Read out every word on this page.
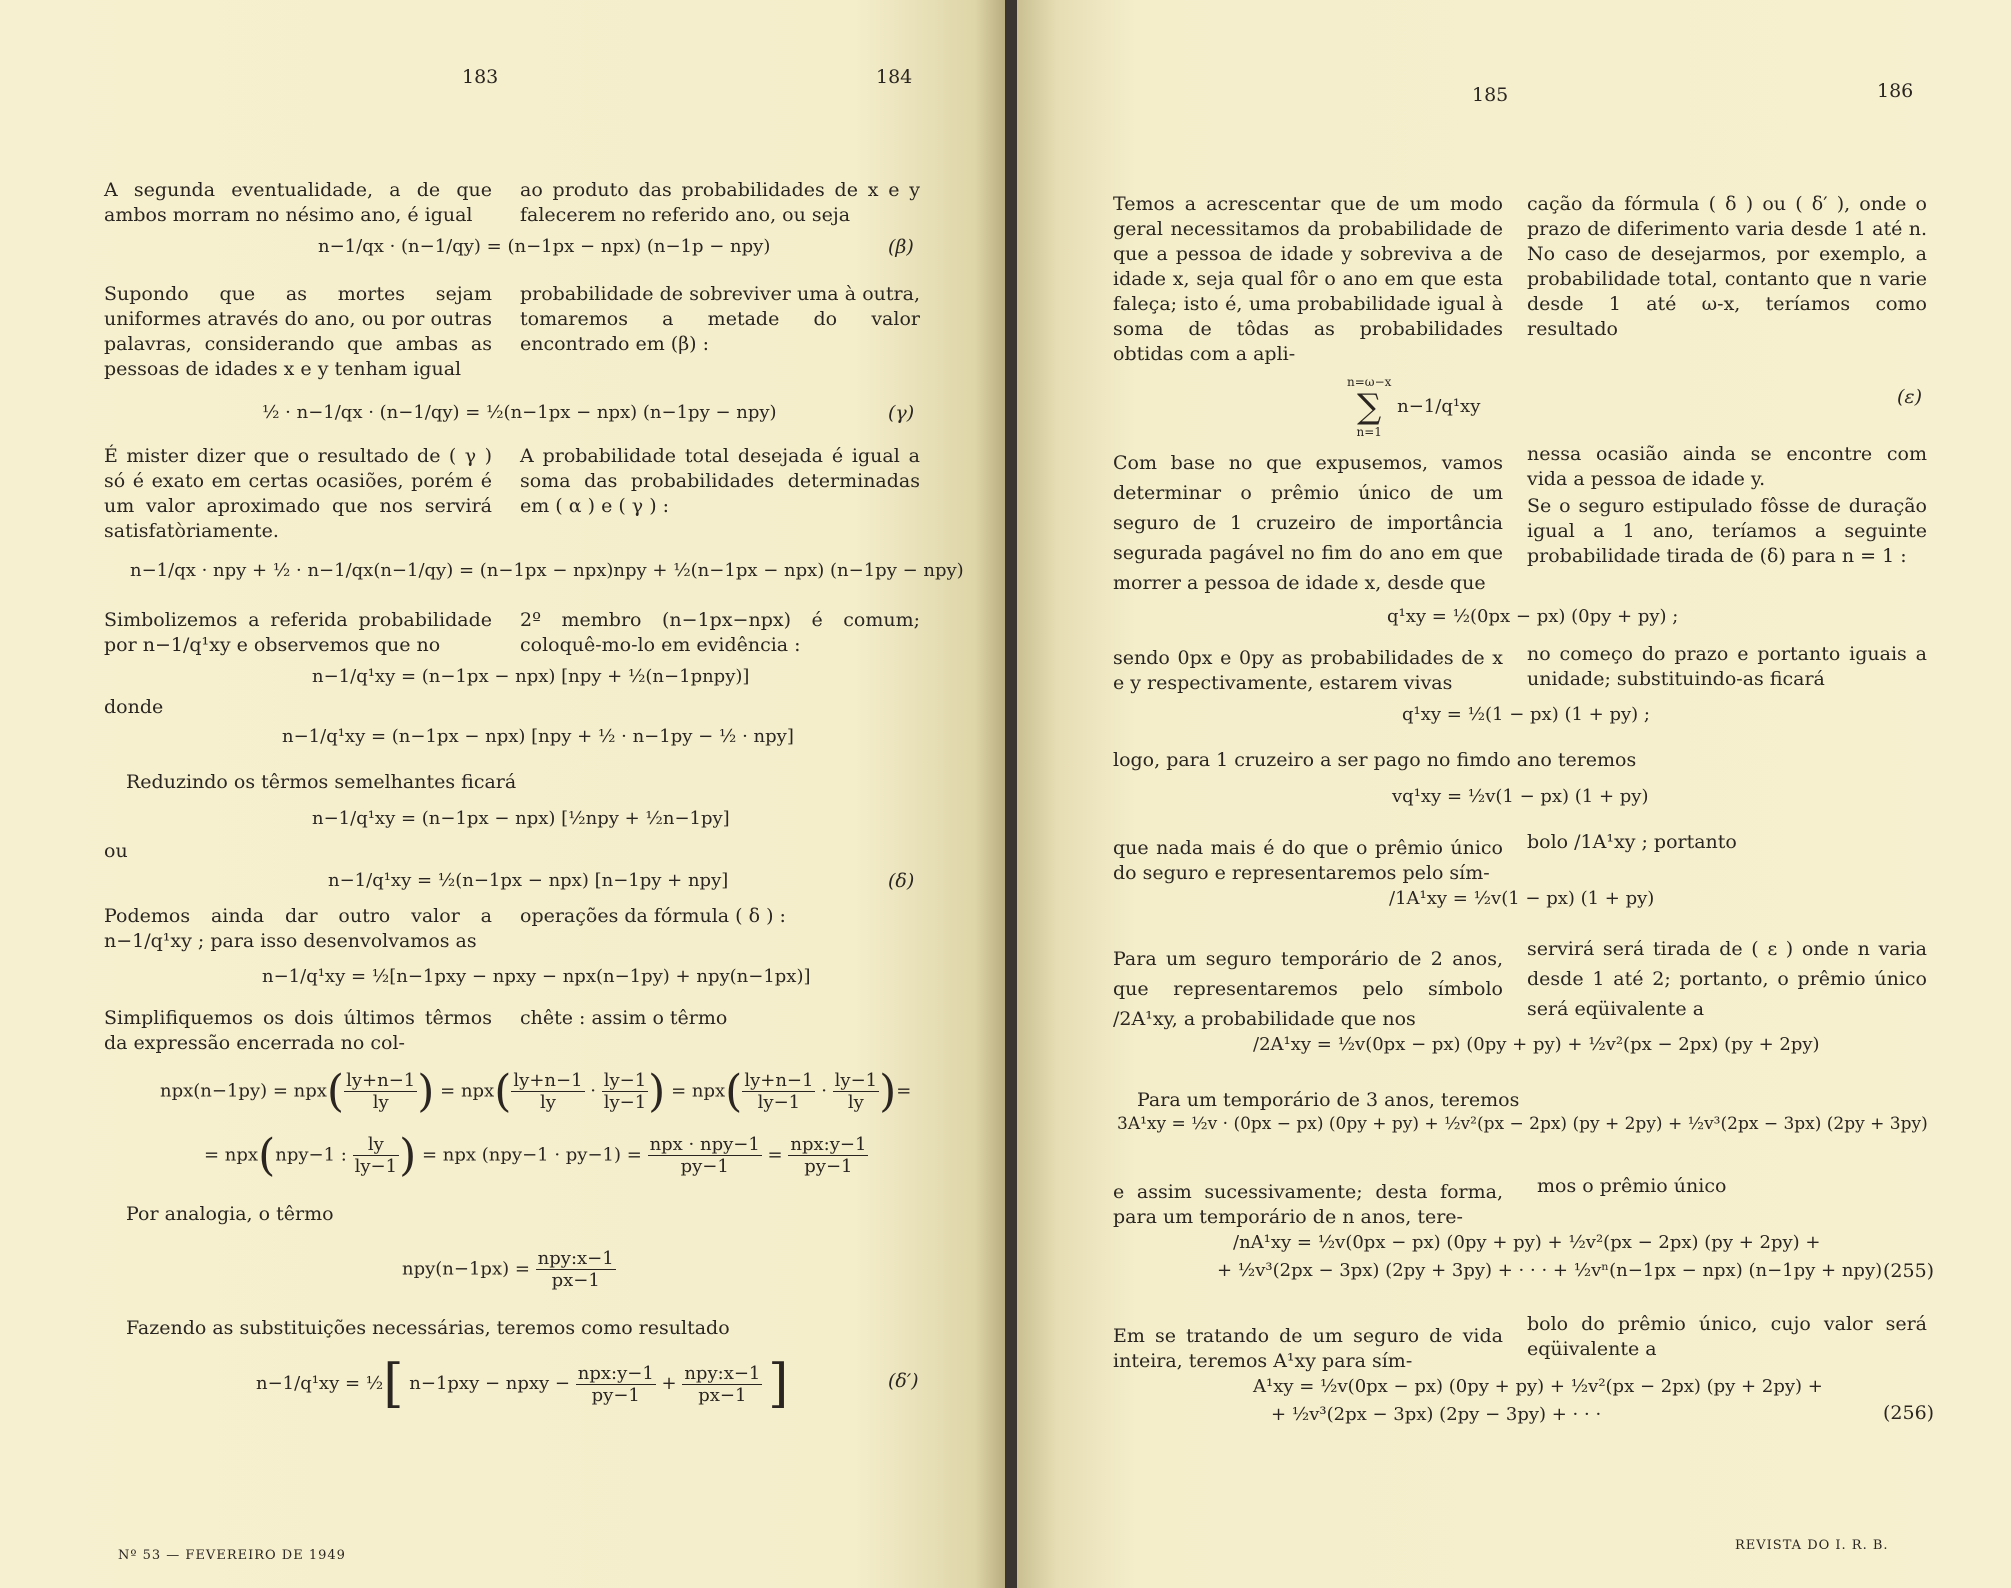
183	184
A segunda eventualidade, a de que ambos morram no nésimo ano, é igual
ao produto das probabilidades de x e y falecerem no referido ano, ou seja
n−1/qx · (n−1/qy) = (n−1px − npx) (n−1p − npy)	(β)
Supondo que as mortes sejam uniformes através do ano, ou por outras palavras, considerando que ambas as pessoas de idades x e y tenham igual
probabilidade de sobreviver uma à outra, tomaremos a metade do valor encontrado em (β) :
½ · n−1/qx · (n−1/qy) = ½(n−1px − npx) (n−1py − npy)	(γ)
É mister dizer que o resultado de ( γ ) só é exato em certas ocasiões, porém é um valor aproximado que nos servirá satisfatòriamente.
A probabilidade total desejada é igual a soma das probabilidades determinadas em ( α ) e ( γ ) :
n−1/qx · npy + ½ · n−1/qx(n−1/qy) = (n−1px − npx)npy + ½(n−1px − npx) (n−1py − npy)
Simbolizemos a referida probabilidade por n−1/q¹xy e observemos que no
2º membro (n−1px−npx) é comum; coloquê-mo-lo em evidência :
n−1/q¹xy = (n−1px − npx) [npy + ½(n−1pnpy)]
donde
n−1/q¹xy = (n−1px − npx) [npy + ½ · n−1py − ½ · npy]
Reduzindo os têrmos semelhantes ficará
n−1/q¹xy = (n−1px − npx) [½npy + ½n−1py]
ou
n−1/q¹xy = ½(n−1px − npx) [n−1py + npy]	(δ)
Podemos ainda dar outro valor a n−1/q¹xy ; para isso desenvolvamos as
operações da fórmula ( δ ) :
n−1/q¹xy = ½[n−1pxy − npxy − npx(n−1py) + npy(n−1px)]
Simplifiquemos os dois últimos têrmos da expressão encerrada no col-
chête : assim o têrmo
$npx(n-1py) = npx( \frac{ly+n-1}{ly}$ ) = $npx( \frac{ly+n-1}{ly} \cdot \frac{ly-1}{ly-1}$ ) = $npx( \frac{ly+n-1}{ly-1} \cdot \frac{ly-1}{ly}$ )=
= npx(npy−1 : $\frac{ly}{ly-1}$ ) = npx $(npy-1 \cdot py-1) = \frac{\text{npx · npy−1}}{py-1} = \frac{\text{npx:y−1}}{py-1}$
Por analogia, o têrmo
$npy(n-1px) = \frac{\text{npy:x−1}}{px-1}$
Fazendo as substituições necessárias, teremos como resultado
n−1/q¹xy = ½[ n−1pxy − npxy − $\frac{\text{npx:y−1}}{py-1} + \frac{\text{npy:x−1}}{px-1}$ ]	(δ′)
Nº 53 — FEVEREIRO DE 1949
185	186
Temos a acrescentar que de um modo geral necessitamos da probabilidade de que a pessoa de idade y sobreviva a de idade x, seja qual fôr o ano em que esta faleça; isto é, uma probabilidade igual à soma de tôdas as probabilidades obtidas com a apli-
cação da fórmula ( δ ) ou ( δ′ ), onde o prazo de diferimento varia desde 1 até n. No caso de desejarmos, por exemplo, a probabilidade total, contanto que n varie desde 1 até ω-x, teríamos como resultado
n=ω−x
∑
n=1
n−1/q¹xy	(ε)
Com base no que expusemos, vamos determinar o prêmio único de um seguro de 1 cruzeiro de importância segurada pagável no fim do ano em que morrer a pessoa de idade x, desde que
nessa ocasião ainda se encontre com vida a pessoa de idade y.
Se o seguro estipulado fôsse de duração igual a 1 ano, teríamos a seguinte probabilidade tirada de (δ) para n = 1 :
q¹xy = ½(0px − px) (0py + py) ;
sendo 0px e 0py as probabilidades de x e y respectivamente, estarem vivas
no começo do prazo e portanto iguais a unidade; substituindo-as ficará
q¹xy = ½(1 − px) (1 + py) ;
logo, para 1 cruzeiro a ser pago no fimdo ano teremos
vq¹xy = ½v(1 − px) (1 + py)
que nada mais é do que o prêmio único do seguro e representaremos pelo sím-
bolo /1A¹xy ; portanto
/1A¹xy = ½v(1 − px) (1 + py)
Para um seguro temporário de 2 anos, que representaremos pelo símbolo /2A¹xy, a probabilidade que nos
servirá será tirada de ( ε ) onde n varia desde 1 até 2; portanto, o prêmio único será eqüivalente a
/2A¹xy = ½v(0px − px) (0py + py) + ½v²(px − 2px) (py + 2py)
Para um temporário de 3 anos, teremos
3A¹xy = ½v · (0px − px) (0py + py) + ½v²(px − 2px) (py + 2py) + ½v³(2px − 3px) (2py + 3py)
e assim sucessivamente; desta forma, para um temporário de n anos, tere-
mos o prêmio único
/nA¹xy = ½v(0px − px) (0py + py) + ½v²(px − 2px) (py + 2py) +
+ ½v³(2px − 3px) (2py + 3py) + · · · + ½vⁿ(n−1px − npx) (n−1py + npy) (255)
Em se tratando de um seguro de vida inteira, teremos A¹xy para sím-
bolo do prêmio único, cujo valor será eqüivalente a
A¹xy = ½v(0px − px) (0py + py) + ½v²(px − 2px) (py + 2py) +
+ ½v³(2px − 3px) (2py − 3py) + · · ·	(256)
REVISTA DO I. R. B.
